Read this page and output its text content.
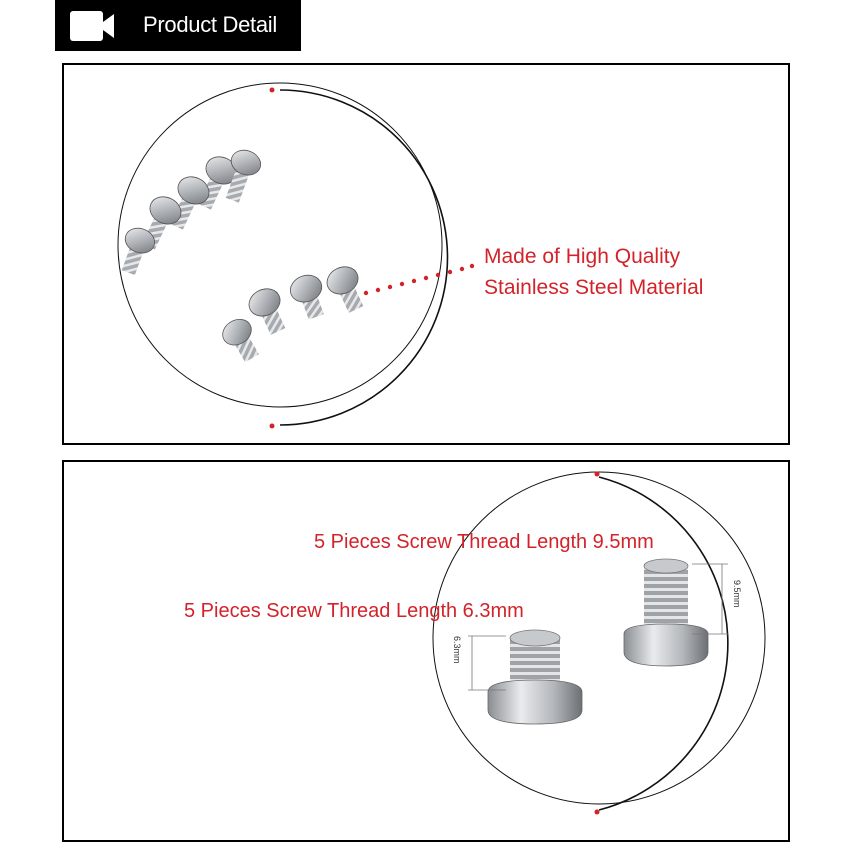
Product Detail
Made of High Quality
Stainless Steel Material
5 Pieces Screw Thread Length 9.5mm
5 Pieces Screw Thread Length 6.3mm
9.5mm
6.3mm
